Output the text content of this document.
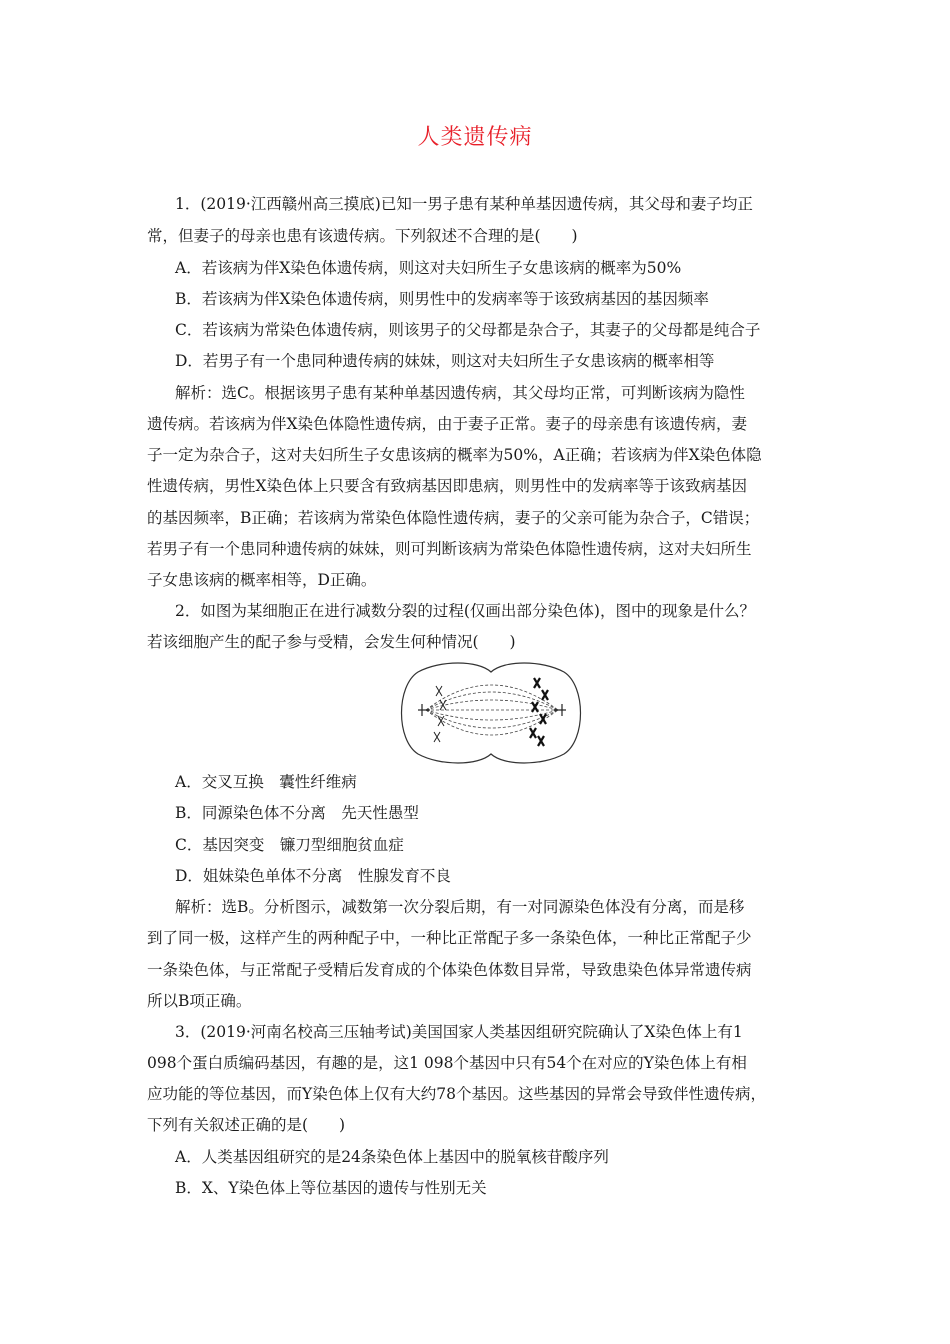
人类遗传病

1．(2019·江西赣州高三摸底)已知一男子患有某种单基因遗传病，其父母和妻子均正

常，但妻子的母亲也患有该遗传病。下列叙述不合理的是(　　)

A．若该病为伴X染色体遗传病，则这对夫妇所生子女患该病的概率为50%

B．若该病为伴X染色体遗传病，则男性中的发病率等于该致病基因的基因频率

C．若该病为常染色体遗传病，则该男子的父母都是杂合子，其妻子的父母都是纯合子

D．若男子有一个患同种遗传病的妹妹，则这对夫妇所生子女患该病的概率相等

解析：选C。根据该男子患有某种单基因遗传病，其父母均正常，可判断该病为隐性

遗传病。若该病为伴X染色体隐性遗传病，由于妻子正常。妻子的母亲患有该遗传病，妻

子一定为杂合子，这对夫妇所生子女患该病的概率为50%，A正确；若该病为伴X染色体隐

性遗传病，男性X染色体上只要含有致病基因即患病，则男性中的发病率等于该致病基因

的基因频率，B正确；若该病为常染色体隐性遗传病，妻子的父亲可能为杂合子，C错误；

若男子有一个患同种遗传病的妹妹，则可判断该病为常染色体隐性遗传病，这对夫妇所生

子女患该病的概率相等，D正确。

2．如图为某细胞正在进行减数分裂的过程(仅画出部分染色体)，图中的现象是什么？

若该细胞产生的配子参与受精，会发生何种情况(　　)

A．交叉互换　囊性纤维病

B．同源染色体不分离　先天性愚型

C．基因突变　镰刀型细胞贫血症

D．姐妹染色单体不分离　性腺发育不良

解析：选B。分析图示，减数第一次分裂后期，有一对同源染色体没有分离，而是移

到了同一极，这样产生的两种配子中，一种比正常配子多一条染色体，一种比正常配子少

一条染色体，与正常配子受精后发育成的个体染色体数目异常，导致患染色体异常遗传病

所以B项正确。

3．(2019·河南名校高三压轴考试)美国国家人类基因组研究院确认了X染色体上有1

098个蛋白质编码基因，有趣的是，这1 098个基因中只有54个在对应的Y染色体上有相

应功能的等位基因，而Y染色体上仅有大约78个基因。这些基因的异常会导致伴性遗传病，

下列有关叙述正确的是(　　)

A．人类基因组研究的是24条染色体上基因中的脱氧核苷酸序列

B．X、Y染色体上等位基因的遗传与性别无关
